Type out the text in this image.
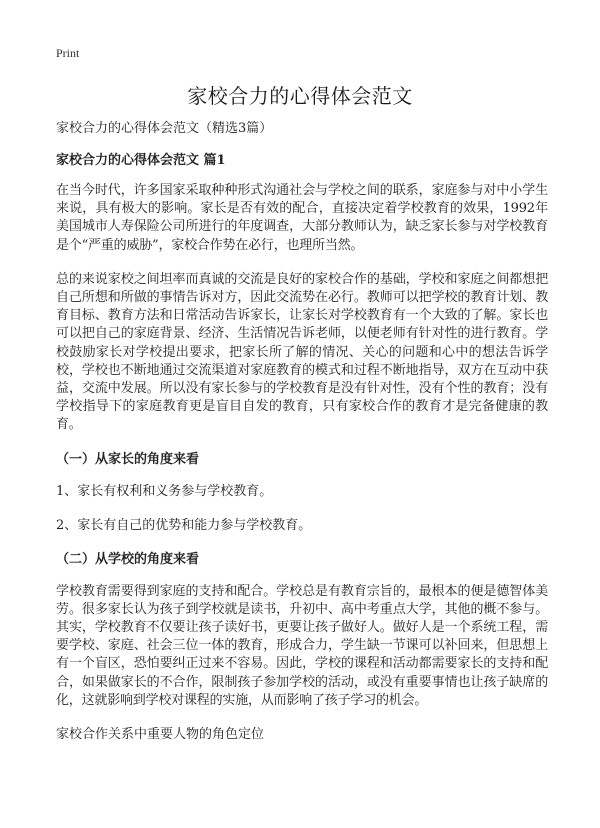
Print
家校合力的心得体会范文

家校合力的心得体会范文（精选3篇）

家校合力的心得体会范文 篇1

在当今时代，许多国家采取种种形式沟通社会与学校之间的联系，家庭参与对中小学生来说，具有极大的影响。家长是否有效的配合，直接决定着学校教育的效果，1992年美国城市人寿保险公司所进行的年度调查，大部分教师认为，缺乏家长参与对学校教育是个“严重的威胁”，家校合作势在必行，也理所当然。

总的来说家校之间坦率而真诚的交流是良好的家校合作的基础，学校和家庭之间都想把自己所想和所做的事情告诉对方，因此交流势在必行。教师可以把学校的教育计划、教育目标、教育方法和日常活动告诉家长，让家长对学校教育有一个大致的了解。家长也可以把自己的家庭背景、经济、生活情况告诉老师，以便老师有针对性的进行教育。学校鼓励家长对学校提出要求，把家长所了解的情况、关心的问题和心中的想法告诉学校，学校也不断地通过交流渠道对家庭教育的模式和过程不断地指导，双方在互动中获益，交流中发展。所以没有家长参与的学校教育是没有针对性，没有个性的教育；没有学校指导下的家庭教育更是盲目自发的教育，只有家校合作的教育才是完备健康的教育。

（一）从家长的角度来看

1、家长有权利和义务参与学校教育。

2、家长有自己的优势和能力参与学校教育。

（二）从学校的角度来看

学校教育需要得到家庭的支持和配合。学校总是有教育宗旨的，最根本的便是德智体美劳。很多家长认为孩子到学校就是读书，升初中、高中考重点大学，其他的概不参与。其实，学校教育不仅要让孩子读好书，更要让孩子做好人。做好人是一个系统工程，需要学校、家庭、社会三位一体的教育，形成合力，学生缺一节课可以补回来，但思想上有一个盲区，恐怕要纠正过来不容易。因此，学校的课程和活动都需要家长的支持和配合，如果做家长的不合作，限制孩子参加学校的活动，或没有重要事情也让孩子缺席的化，这就影响到学校对课程的实施，从而影响了孩子学习的机会。

家校合作关系中重要人物的角色定位
